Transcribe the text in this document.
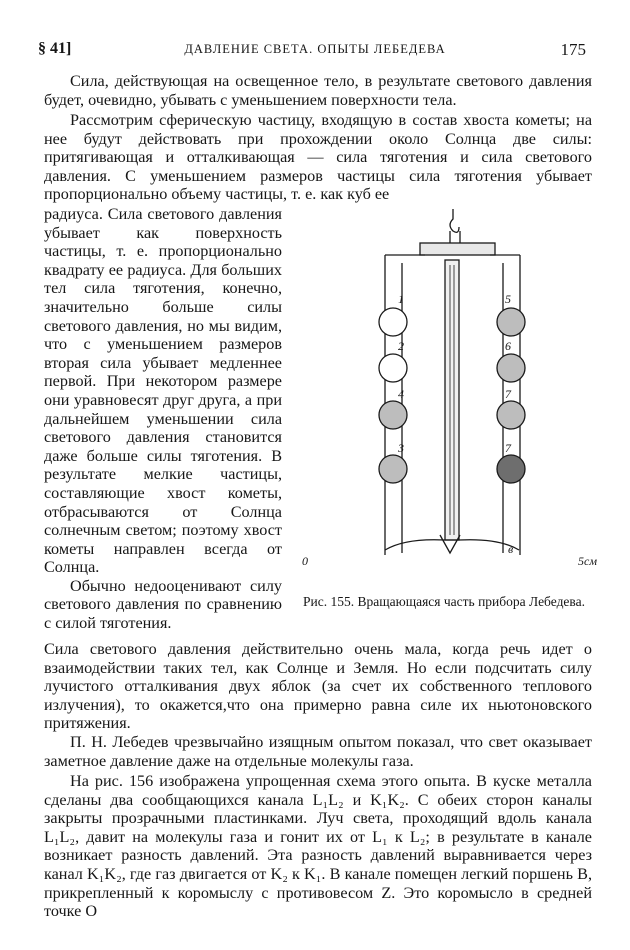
§ 41]	ДАВЛЕНИЕ СВЕТА. ОПЫТЫ ЛЕБЕДЕВА	175

Сила, действующая на освещенное тело, в результате светового давления будет, очевидно, убывать с уменьшением поверхности тела.

Рассмотрим сферическую частицу, входящую в состав хвоста кометы; на нее будут действовать при прохождении около Солнца две силы: притягивающая и отталкивающая — сила тяготения и сила светового давления. С уменьшением размеров частицы сила тяготения убывает пропорционально объему частицы, т. е. как куб ее

радиуса. Сила светового давления убывает как поверхность частицы, т. е. пропорционально квадрату ее радиуса. Для больших тел сила тяготения, конечно, значительно больше силы светового давления, но мы видим, что с уменьшением размеров вторая сила убывает медленнее первой. При некотором размере они уравновесят друг друга, а при дальнейшем уменьшении сила светового давления становится даже больше силы тяготения. В результате мелкие частицы, составляющие хвост кометы, отбрасываются от Солнца солнечным светом; поэтому хвост кометы направлен всегда от Солнца.

Обычно недооценивают силу светового давления по сравнению с силой тяготения.

1
2
4
3
5
6
7
7
в
0	5см
Рис. 155. Вращающаяся часть прибора Лебедева.

Сила светового давления действительно очень мала, когда речь идет о взаимодействии таких тел, как Солнце и Земля. Но если подсчитать силу лучистого отталкивания двух яблок (за счет их собственного теплового излучения), то окажется,что она примерно равна силе их ньютоновского притяжения.

П. Н. Лебедев чрезвычайно изящным опытом показал, что свет оказывает заметное давление даже на отдельные молекулы газа.

На рис. 156 изображена упрощенная схема этого опыта. В куске металла сделаны два сообщающихся канала L₁L₂ и K₁K₂. С обеих сторон каналы закрыты прозрачными пластинками. Луч света, проходящий вдоль канала L₁L₂, давит на молекулы газа и гонит их от L₁ к L₂; в результате в канале возникает разность давлений. Эта разность давлений выравнивается через канал K₁K₂, где газ двигается от K₂ к K₁. В канале помещен легкий поршень B, прикрепленный к коромыслу с противовесом Z. Это коромысло в средней точке O
